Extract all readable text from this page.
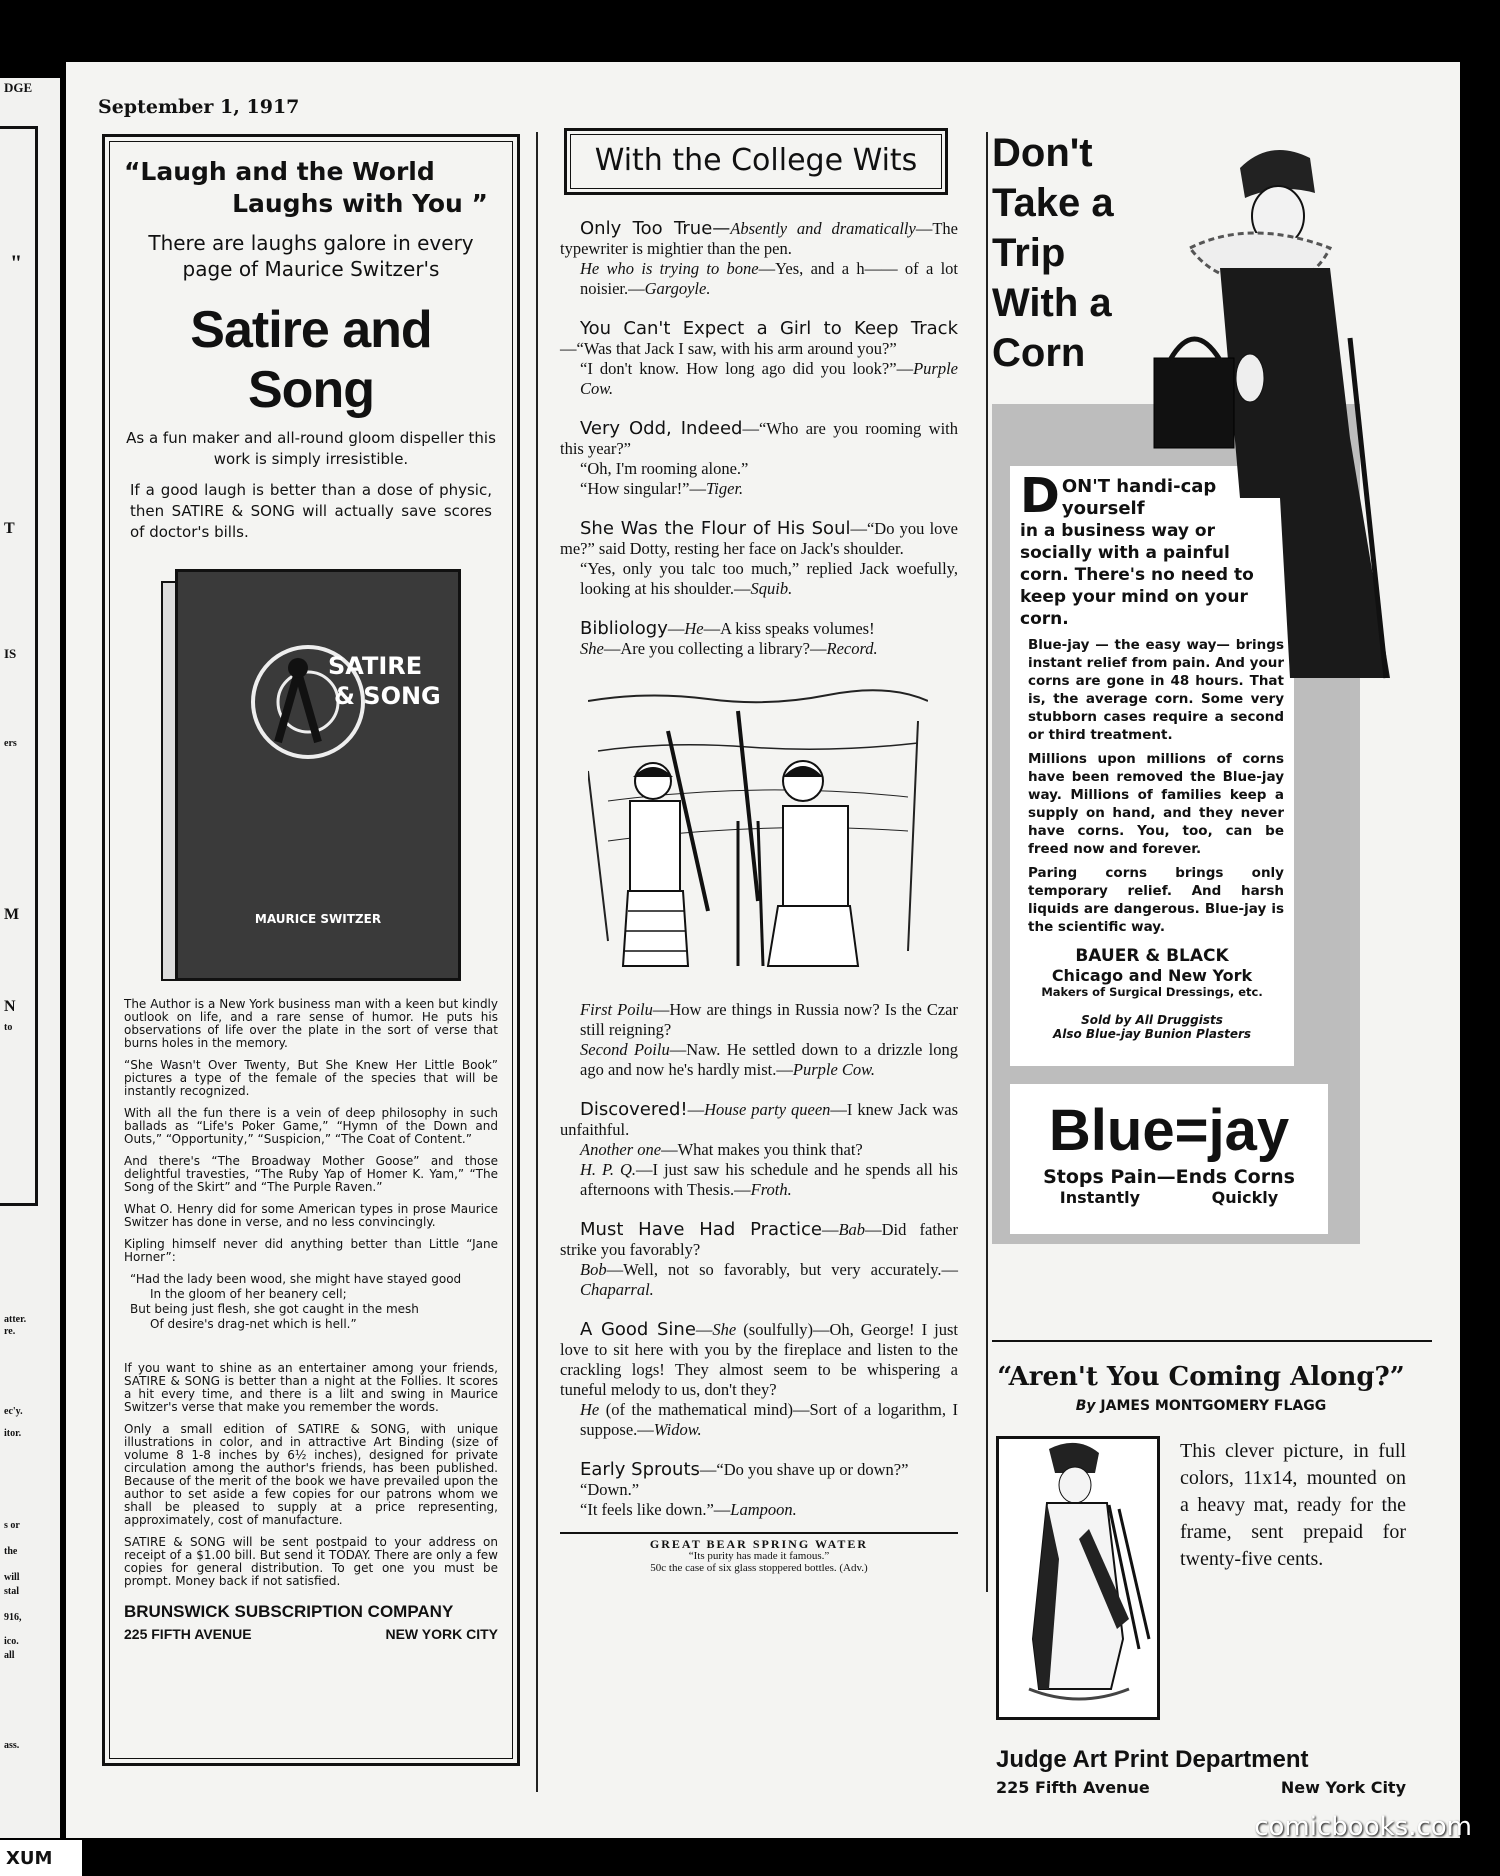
DGE
"
T
IS
ers
M
N
to
atter.
re.
ec'y.
itor.
s or
the
will
stal
916,
ico.
all
ass.
September 1, 1917
“Laugh and the World
Laughs with You ”
There are laughs galore in every page of Maurice Switzer's
Satire and Song
As a fun maker and all-round gloom dispeller this work is simply irresistible.
If a good laugh is better than a dose of physic, then SATIRE & SONG will actually save scores of doctor's bills.
SATIRE
& SONG
MAURICE SWITZER
The Author is a New York business man with a keen but kindly outlook on life, and a rare sense of humor. He puts his observations of life over the plate in the sort of verse that burns holes in the memory.
“She Wasn't Over Twenty, But She Knew Her Little Book” pictures a type of the female of the species that will be instantly recognized.
With all the fun there is a vein of deep philosophy in such ballads as “Life's Poker Game,” “Hymn of the Down and Outs,” “Opportunity,” “Suspicion,” “The Coat of Content.”
And there's “The Broadway Mother Goose” and those delightful travesties, “The Ruby Yap of Homer K. Yam,” “The Song of the Skirt” and “The Purple Raven.”
What O. Henry did for some American types in prose Maurice Switzer has done in verse, and no less convincingly.
Kipling himself never did anything better than Little “Jane Horner”:
“Had the lady been wood, she might have stayed good
In the gloom of her beanery cell;
But being just flesh, she got caught in the mesh
Of desire's drag-net which is hell.”
If you want to shine as an entertainer among your friends, SATIRE & SONG is better than a night at the Follies. It scores a hit every time, and there is a lilt and swing in Maurice Switzer's verse that make you remember the words.
Only a small edition of SATIRE & SONG, with unique illustrations in color, and in attractive Art Binding (size of volume 8 1-8 inches by 6½ inches), designed for private circulation among the author's friends, has been published. Because of the merit of the book we have prevailed upon the author to set aside a few copies for our patrons whom we shall be pleased to supply at a price representing, approximately, cost of manufacture.
SATIRE & SONG will be sent postpaid to your address on receipt of a $1.00 bill. But send it TODAY. There are only a few copies for general distribution. To get one you must be prompt. Money back if not satisfied.
BRUNSWICK SUBSCRIPTION COMPANY
225 FIFTH AVENUE	NEW YORK CITY
With the College Wits

Only Too True—Absently and dramatically—The typewriter is mightier than the pen.

He who is trying to bone—Yes, and a h—— of a lot noisier.—Gargoyle.

You Can't Expect a Girl to Keep Track—“Was that Jack I saw, with his arm around you?”

“I don't know. How long ago did you look?”—Purple Cow.

Very Odd, Indeed—“Who are you rooming with this year?”

“Oh, I'm rooming alone.”

“How singular!”—Tiger.

She Was the Flour of His Soul—“Do you love me?” said Dotty, resting her face on Jack's shoulder.

“Yes, only you talc too much,” replied Jack woefully, looking at his shoulder.—Squib.

Bibliology—He—A kiss speaks volumes!

She—Are you collecting a library?—Record.

First Poilu—How are things in Russia now? Is the Czar still reigning?

Second Poilu—Naw. He settled down to a drizzle long ago and now he's hardly mist.—Purple Cow.

Discovered!—House party queen—I knew Jack was unfaithful.

Another one—What makes you think that?

H. P. Q.—I just saw his schedule and he spends all his afternoons with Thesis.—Froth.

Must Have Had Practice—Bab—Did father strike you favorably?

Bob—Well, not so favorably, but very accurately.—Chaparral.

A Good Sine—She (soulfully)—Oh, George! I just love to sit here with you by the fireplace and listen to the crackling logs! They almost seem to be whispering a tuneful melody to us, don't they?

He (of the mathematical mind)—Sort of a logarithm, I suppose.—Widow.

Early Sprouts—“Do you shave up or down?”

“Down.”

“It feels like down.”—Lampoon.

GREAT BEAR SPRING WATER
“Its purity has made it famous.”
50c the case of six glass stoppered bottles. (Adv.)
DON'T handi-cap yourself
in a business way or socially with a painful corn. There's no need to keep your mind on your corn.
Blue-jay — the easy way— brings instant relief from pain. And your corns are gone in 48 hours. That is, the average corn. Some very stubborn cases require a second or third treatment.
Millions upon millions of corns have been removed the Blue-jay way. Millions of families keep a supply on hand, and they never have corns. You, too, can be freed now and forever.
Paring corns brings only temporary relief. And harsh liquids are dangerous. Blue-jay is the scientific way.
BAUER & BLACK
Chicago and New York
Makers of Surgical Dressings, etc.
Sold by All Druggists
Also Blue-jay Bunion Plasters
Blue=jay
Stops Pain—Ends Corns
Instantly	Quickly
Don't
Take a
Trip
With a
Corn
“Aren't You Coming Along?”
By JAMES MONTGOMERY FLAGG
This clever picture, in full colors, 11x14, mounted on a heavy mat, ready for the frame, sent prepaid for twenty-five cents.
Judge Art Print Department
225 Fifth Avenue	New York City
comicbooks.com
XUM
